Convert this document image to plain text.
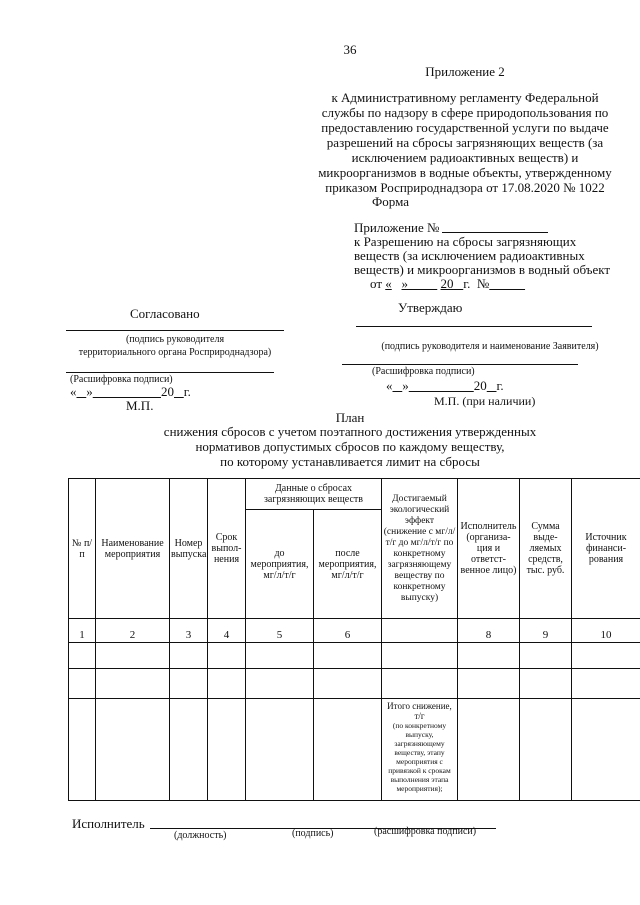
36
Приложение 2
к Административному регламенту Федеральной
службы по надзору в сфере природопользования по
предоставлению государственной услуги по выдаче
разрешений на сбросы загрязняющих веществ (за
исключением радиоактивных веществ) и
микроорганизмов в водные объекты, утвержденному
приказом Росприроднадзора от 17.08.2020 № 1022
Форма
Приложение №
к Разрешению на сбросы загрязняющих
веществ (за исключением радиоактивных
веществ) и микроорганизмов в водный объект
от « »	20 г. №
Согласовано
(подпись руководителя
территориального органа Росприроднадзора)
(Расшифровка подписи)
« »	20 г.
М.П.
Утверждаю
(подпись руководителя и наименование Заявителя)
(Расшифровка подписи)
« »	20 г.
М.П. (при наличии)
План
снижения сбросов с учетом поэтапного достижения утвержденных
нормативов допустимых сбросов по каждому веществу,
по которому устанавливается лимит на сбросы
№ п/п	Наименование мероприятия	Номер выпуска	Срок выпол-нения	Данные о сбросах загрязняющих веществ		Достигаемый экологический эффект (снижение с мг/л/т/г до мг/л/т/г по конкретному загрязняющему веществу по конкретному выпуску)	Исполнитель (организа-ция и ответст-венное лицо)	Сумма выде-ляемых средств, тыс. руб.	Источник финанси-рования
				до мероприятия, мг/л/т/г	после мероприятия, мг/л/т/г				
1	2	3	4	5	6		8	9	10

						Итого снижение, т/г
(по конкретному выпуску, загрязняющему веществу, этапу мероприятия с привязкой к срокам выполнения этапа мероприятия);			

Исполнитель
(должность)	(подпись)	(расшифровка подписи)
